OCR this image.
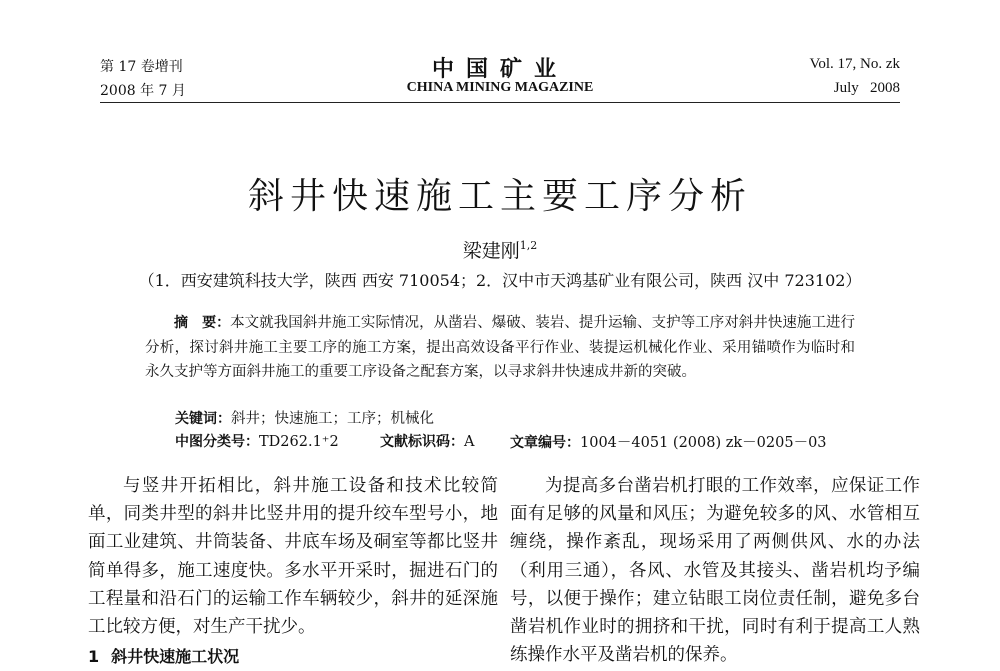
第 17 卷增刊
2008 年 7 月
中国矿业
CHINA MINING MAGAZINE
Vol. 17, No. zk
July   2008
斜井快速施工主要工序分析
梁建刚$^{1,2}$
（1．西安建筑科技大学，陕西 西安 710054；2．汉中市天鸿基矿业有限公司，陕西 汉中 723102）
摘　要：本文就我国斜井施工实际情况，从凿岩、爆破、装岩、提升运输、支护等工序对斜井快速施工进行分析，探讨斜井施工主要工序的施工方案，提出高效设备平行作业、装提运机械化作业、采用锚喷作为临时和永久支护等方面斜井施工的重要工序设备之配套方案，以寻求斜井快速成井新的突破。
关键词：斜井；快速施工；工序；机械化
中图分类号：TD262.1⁺2	文献标识码：A	文章编号：1004－4051 (2008) zk－0205－03

与竖井开拓相比，斜井施工设备和技术比较简单，同类井型的斜井比竖井用的提升绞车型号小，地面工业建筑、井筒装备、井底车场及硐室等都比竖井简单得多，施工速度快。多水平开采时，掘进石门的工程量和沿石门的运输工作车辆较少，斜井的延深施工比较方便，对生产干扰少。

1 斜井快速施工状况

为提高多台凿岩机打眼的工作效率，应保证工作面有足够的风量和风压；为避免较多的风、水管相互缠绕，操作紊乱，现场采用了两侧供风、水的办法（利用三通），各风、水管及其接头、凿岩机均予编号，以便于操作；建立钻眼工岗位责任制，避免多台凿岩机作业时的拥挤和干扰，同时有利于提高工人熟练操作水平及凿岩机的保养。
